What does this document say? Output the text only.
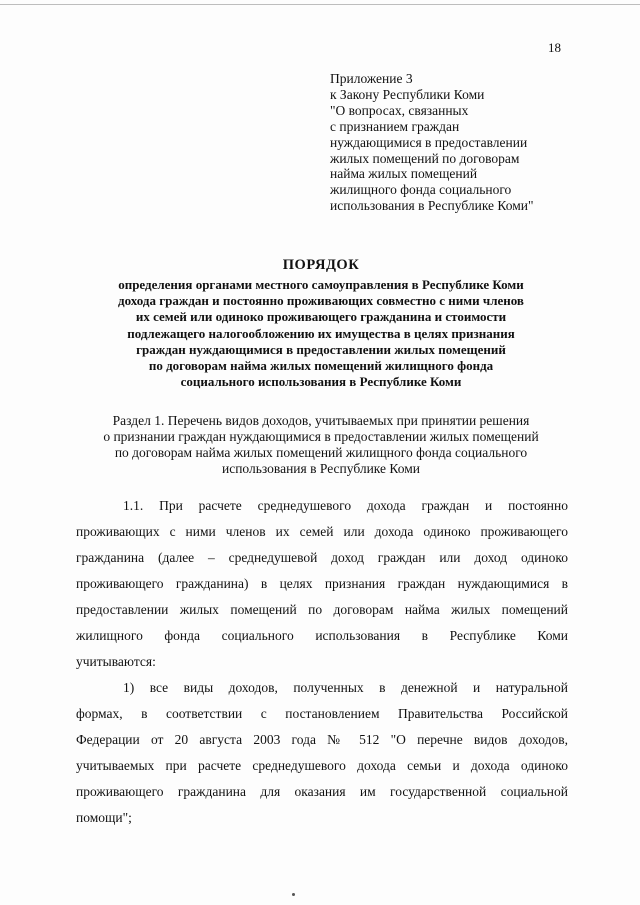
18
Приложение 3
к Закону Республики Коми
"О вопросах, связанных
с признанием граждан
нуждающимися в предоставлении
жилых помещений по договорам
найма жилых помещений
жилищного фонда социального
использования в Республике Коми"
ПОРЯДОК
определения органами местного самоуправления в Республике Коми
дохода граждан и постоянно проживающих совместно с ними членов
их семей или одиноко проживающего гражданина и стоимости
подлежащего налогообложению их имущества в целях признания
граждан нуждающимися в предоставлении жилых помещений
по договорам найма жилых помещений жилищного фонда
социального использования в Республике Коми
Раздел 1. Перечень видов доходов, учитываемых при принятии решения
о признании граждан нуждающимися в предоставлении жилых помещений
по договорам найма жилых помещений жилищного фонда социального
использования в Республике Коми
1.1. При расчете среднедушевого дохода граждан и постоянно
проживающих с ними членов их семей или дохода одиноко проживающего
гражданина (далее – среднедушевой доход граждан или доход одиноко
проживающего гражданина) в целях признания граждан нуждающимися в
предоставлении жилых помещений по договорам найма жилых помещений
жилищного фонда социального использования в Республике Коми
учитываются:
1) все виды доходов, полученных в денежной и натуральной
формах, в соответствии с постановлением Правительства Российской
Федерации от 20 августа 2003 года № 512 "О перечне видов доходов,
учитываемых при расчете среднедушевого дохода семьи и дохода одиноко
проживающего гражданина для оказания им государственной социальной
помощи";
